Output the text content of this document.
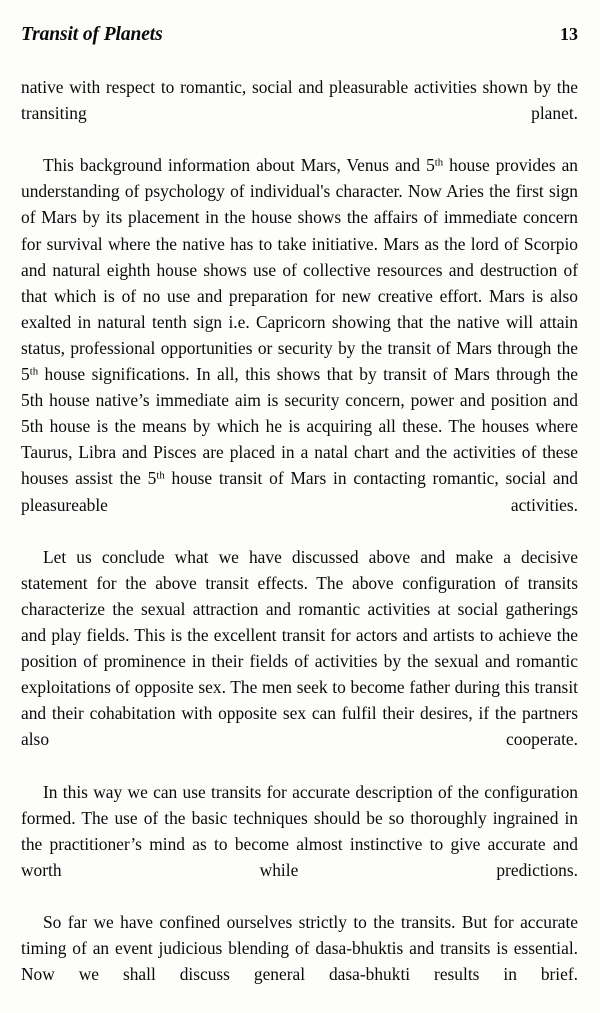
Transit of Planets	13

native with respect to romantic, social and pleasurable activities shown by the transiting planet.

This background information about Mars, Venus and 5th house provides an understanding of psychology of individual's character. Now Aries the first sign of Mars by its placement in the house shows the affairs of immediate concern for survival where the native has to take initiative. Mars as the lord of Scorpio and natural eighth house shows use of collective resources and destruction of that which is of no use and preparation for new creative effort. Mars is also exalted in natural tenth sign i.e. Capricorn showing that the native will attain status, professional opportunities or security by the transit of Mars through the 5th house significations. In all, this shows that by transit of Mars through the 5th house native’s immediate aim is security concern, power and position and 5th house is the means by which he is acquiring all these. The houses where Taurus, Libra and Pisces are placed in a natal chart and the activities of these houses assist the 5th house transit of Mars in contacting romantic, social and pleasureable activities.

Let us conclude what we have discussed above and make a decisive statement for the above transit effects. The above configuration of transits characterize the sexual attraction and romantic activities at social gatherings and play fields. This is the excellent transit for actors and artists to achieve the position of prominence in their fields of activities by the sexual and romantic exploitations of opposite sex. The men seek to become father during this transit and their cohabitation with opposite sex can fulfil their desires, if the partners also cooperate.

In this way we can use transits for accurate description of the configuration formed. The use of the basic techniques should be so thoroughly ingrained in the practitioner’s mind as to become almost instinctive to give accurate and worth while predictions.

So far we have confined ourselves strictly to the transits. But for accurate timing of an event judicious blending of dasa-bhuktis and transits is essential. Now we shall discuss general dasa-bhukti results in brief.
